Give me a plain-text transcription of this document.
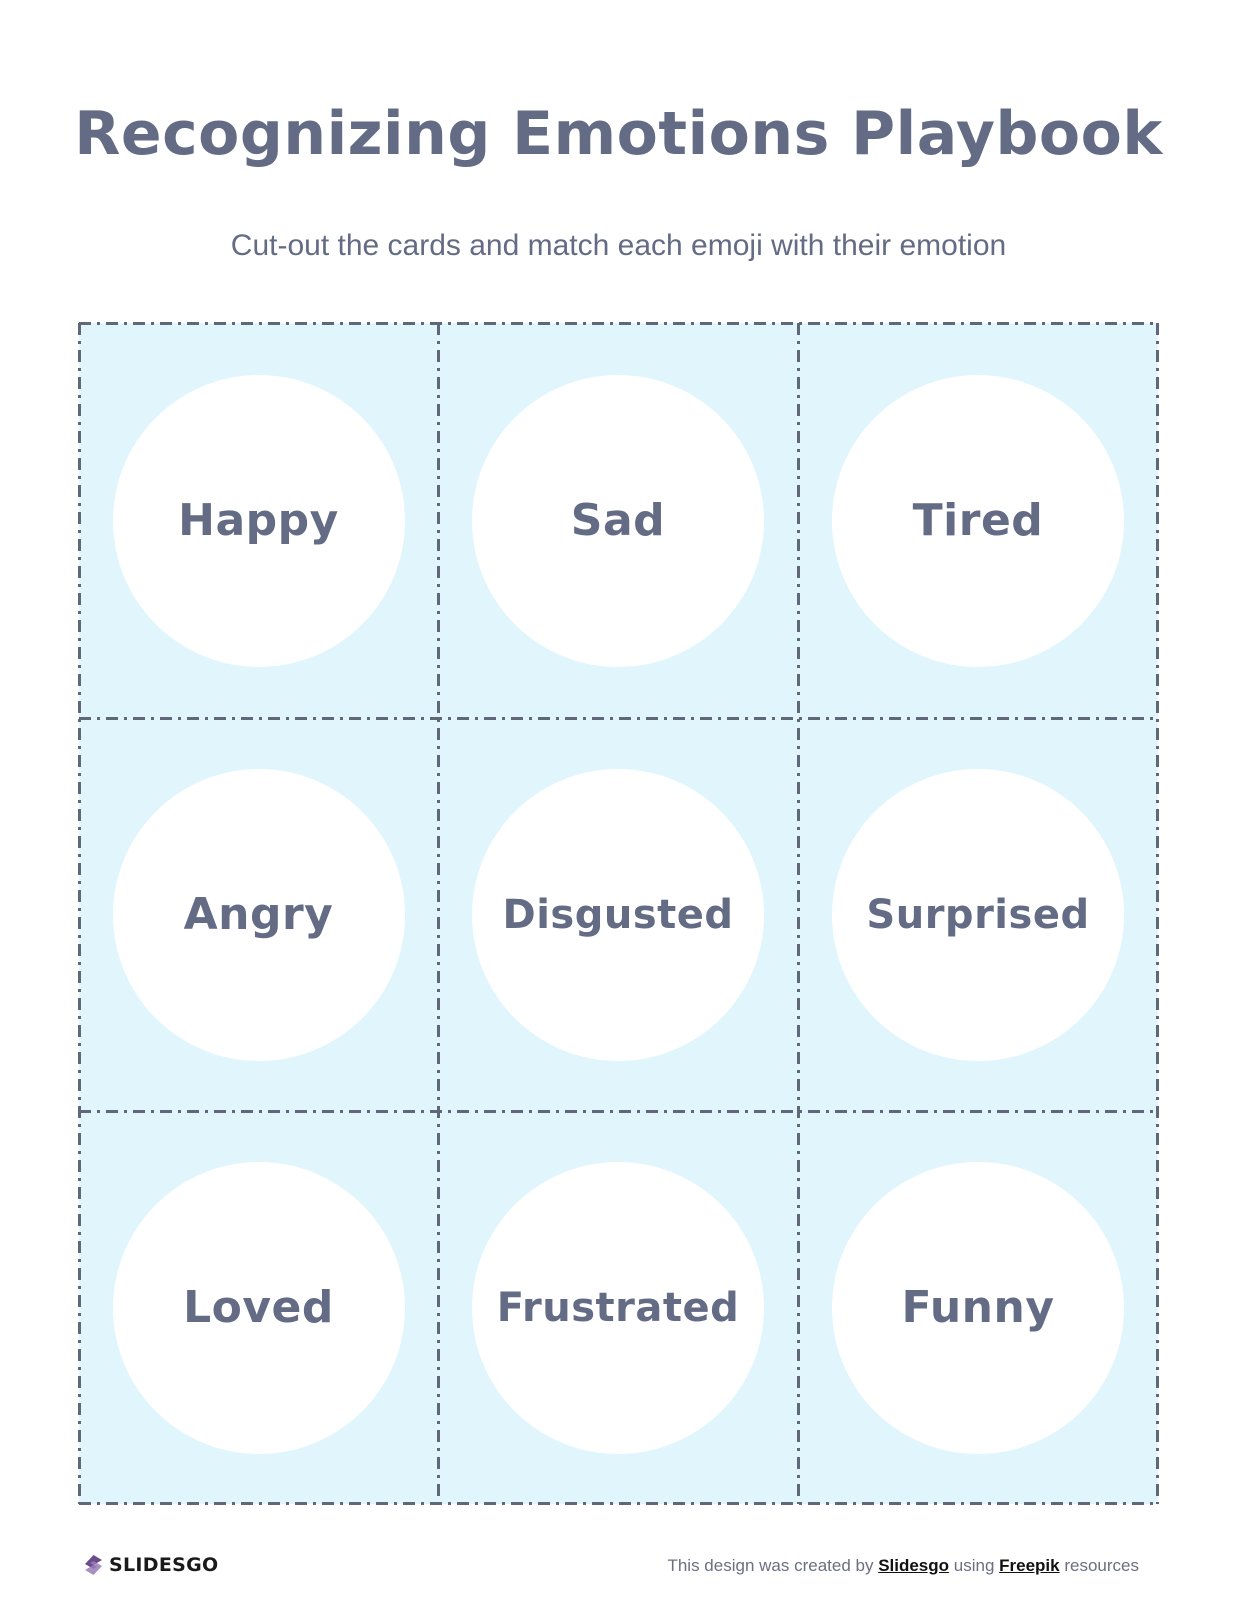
Recognizing Emotions Playbook

Cut-out the cards and match each emoji with their emotion

Happy	Sad	Tired
Angry	Disgusted	Surprised
Loved	Frustrated	Funny
SLIDESGO	This design was created by Slidesgo using Freepik resources
